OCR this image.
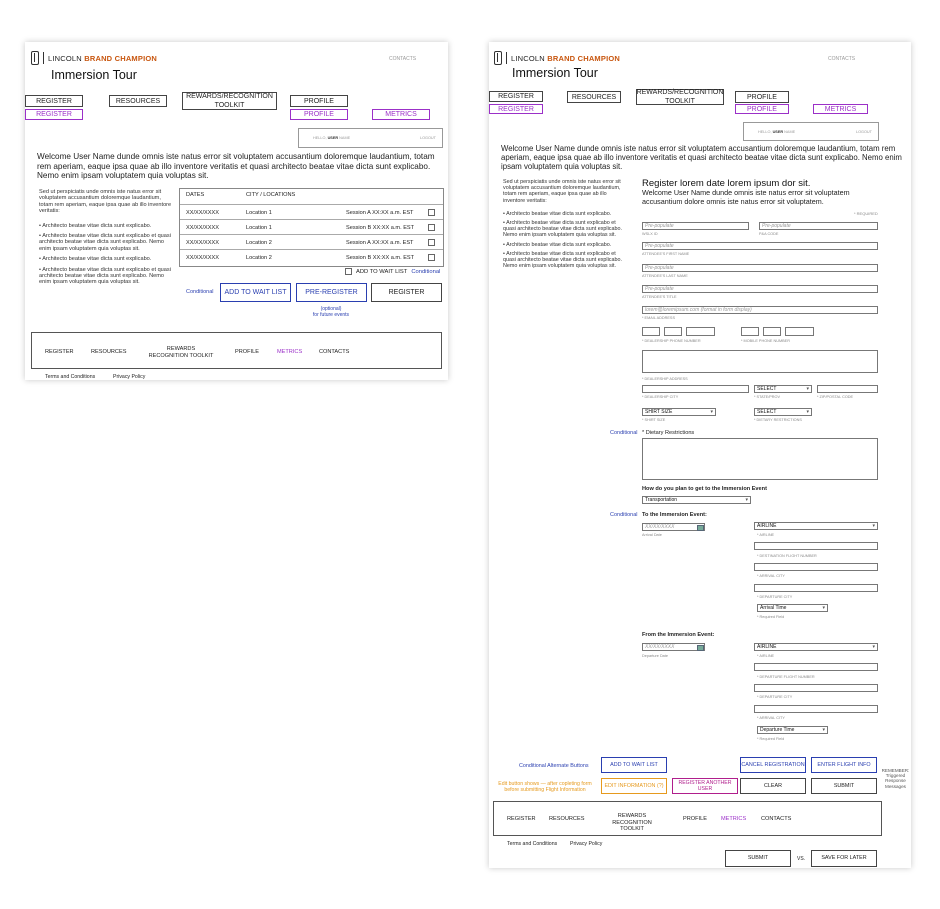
LINCOLN
BRAND CHAMPION
Immersion Tour
CONTACTS
REGISTER
REGISTER
RESOURCES
REWARDS/RECOGNITION TOOLKIT
PROFILE
PROFILE	METRICS
HELLO, USER NAME	LOGOUT
Welcome User Name dunde omnis iste natus error sit voluptatem accusantium doloremque laudantium, totam rem aperiam, eaque ipsa quae ab illo inventore veritatis et quasi architecto beatae vitae dicta sunt explicabo. Nemo enim ipsam voluptatem quia voluptas sit.
Sed ut perspiciatis unde omnis iste natus error sit voluptatem accusantium doloremque laudantium, totam rem aperiam, eaque ipsa quae ab illo inventore veritatis:
• Architecto beatae vitae dicta sunt explicabo.
• Architecto beatae vitae dicta sunt explicabo et quasi architecto beatae vitae dicta sunt explicabo. Nemo enim ipsam voluptatem quia voluptas sit.
• Architecto beatae vitae dicta sunt explicabo.
• Architecto beatae vitae dicta sunt explicabo et quasi architecto beatae vitae dicta sunt explicabo. Nemo enim ipsam voluptatem quia voluptas sit.
DATES	CITY / LOCATIONS
XX/XX/XXXX	Location 1	Session A XX:XX a.m. EST
XX/XX/XXXX	Location 1	Session B XX:XX a.m. EST
XX/XX/XXXX	Location 2	Session A XX:XX a.m. EST
XX/XX/XXXX	Location 2	Session B XX:XX a.m. EST
ADD TO WAIT LIST Conditional
Conditional	ADD TO WAIT LIST	PRE-REGISTER	REGISTER
(optional)
for future events
REGISTER	RESOURCES	REWARDS RECOGNITION TOOLKIT
PROFILE	METRICS	CONTACTS
Terms and Conditions	Privacy Policy
LINCOLN
BRAND CHAMPION
Immersion Tour
CONTACTS
REGISTER
REGISTER
RESOURCES
REWARDS/RECOGNITION TOOLKIT
PROFILE
PROFILE	METRICS
HELLO, USER NAME	LOGOUT
Welcome User Name dunde omnis iste natus error sit voluptatem accusantium doloremque laudantium, totam rem aperiam, eaque ipsa quae ab illo inventore veritatis et quasi architecto beatae vitae dicta sunt explicabo. Nemo enim ipsam voluptatem quia voluptas sit.
Sed ut perspiciatis unde omnis iste natus error sit voluptatem accusantium doloremque laudantium, totam rem aperiam, eaque ipsa quae ab illo inventore veritatis:
• Architecto beatae vitae dicta sunt explicabo.
• Architecto beatae vitae dicta sunt explicabo et quasi architecto beatae vitae dicta sunt explicabo. Nemo enim ipsam voluptatem quia voluptas sit.
• Architecto beatae vitae dicta sunt explicabo.
• Architecto beatae vitae dicta sunt explicabo et quasi architecto beatae vitae dicta sunt explicabo. Nemo enim ipsam voluptatem quia voluptas sit.
Register lorem date lorem ipsum dor sit.
Welcome User Name dunde omnis iste natus error sit voluptatem accusantium dolore omnis iste natus error sit voluptatem.
* REQUIRED
Pre-populate
WSLX ID
Pre-populate
P&A CODE
Pre-populate
ATTENDEE'S FIRST NAME
Pre-populate
ATTENDEE'S LAST NAME
Pre-populate
ATTENDEE'S TITLE
lorem@loremipsum.com (format in form display)
* EMAIL ADDRESS
* DEALERSHIP PHONE NUMBER	* MOBILE PHONE NUMBER
* DEALERSHIP ADDRESS
* DEALERSHIP CITY
SELECT ▾
* STATE/PROV	* ZIP/POSTAL CODE
SHIRT SIZE ▾
* SHIRT SIZE
SELECT ▾
* DIETARY RESTRICTIONS
Conditional * Dietary Restrictions
How do you plan to get to the Immersion Event
Transportation ▾
Conditional To the Immersion Event:
XX/XX/XXXX
Arrival Date
AIRLINE ▾
* AIRLINE
* DESTINATION FLIGHT NUMBER
* ARRIVAL CITY
* DEPARTURE CITY
Arrival Time ▾
* Required Field
From the Immersion Event:
XX/XX/XXXX
Departure Date
AIRLINE ▾
* AIRLINE
* DEPARTURE FLIGHT NUMBER
* DEPARTURE CITY
* ARRIVAL CITY
Departure Time ▾
* Required Field
Conditional Alternate Buttons	ADD TO WAIT LIST	CANCEL REGISTRATION	ENTER FLIGHT INFO
Edit button shows — after copleting form before submitting Flight Information
EDIT INFORMATION (?)	REGISTER ANOTHER USER
CLEAR	SUBMIT
REMEMBER: Triggered Response Messages
REGISTER RESOURCES	REWARDS RECOGNITION TOOLKIT
PROFILE	METRICS	CONTACTS
Terms and Conditions Privacy Policy
SUBMIT	VS.	SAVE FOR LATER
